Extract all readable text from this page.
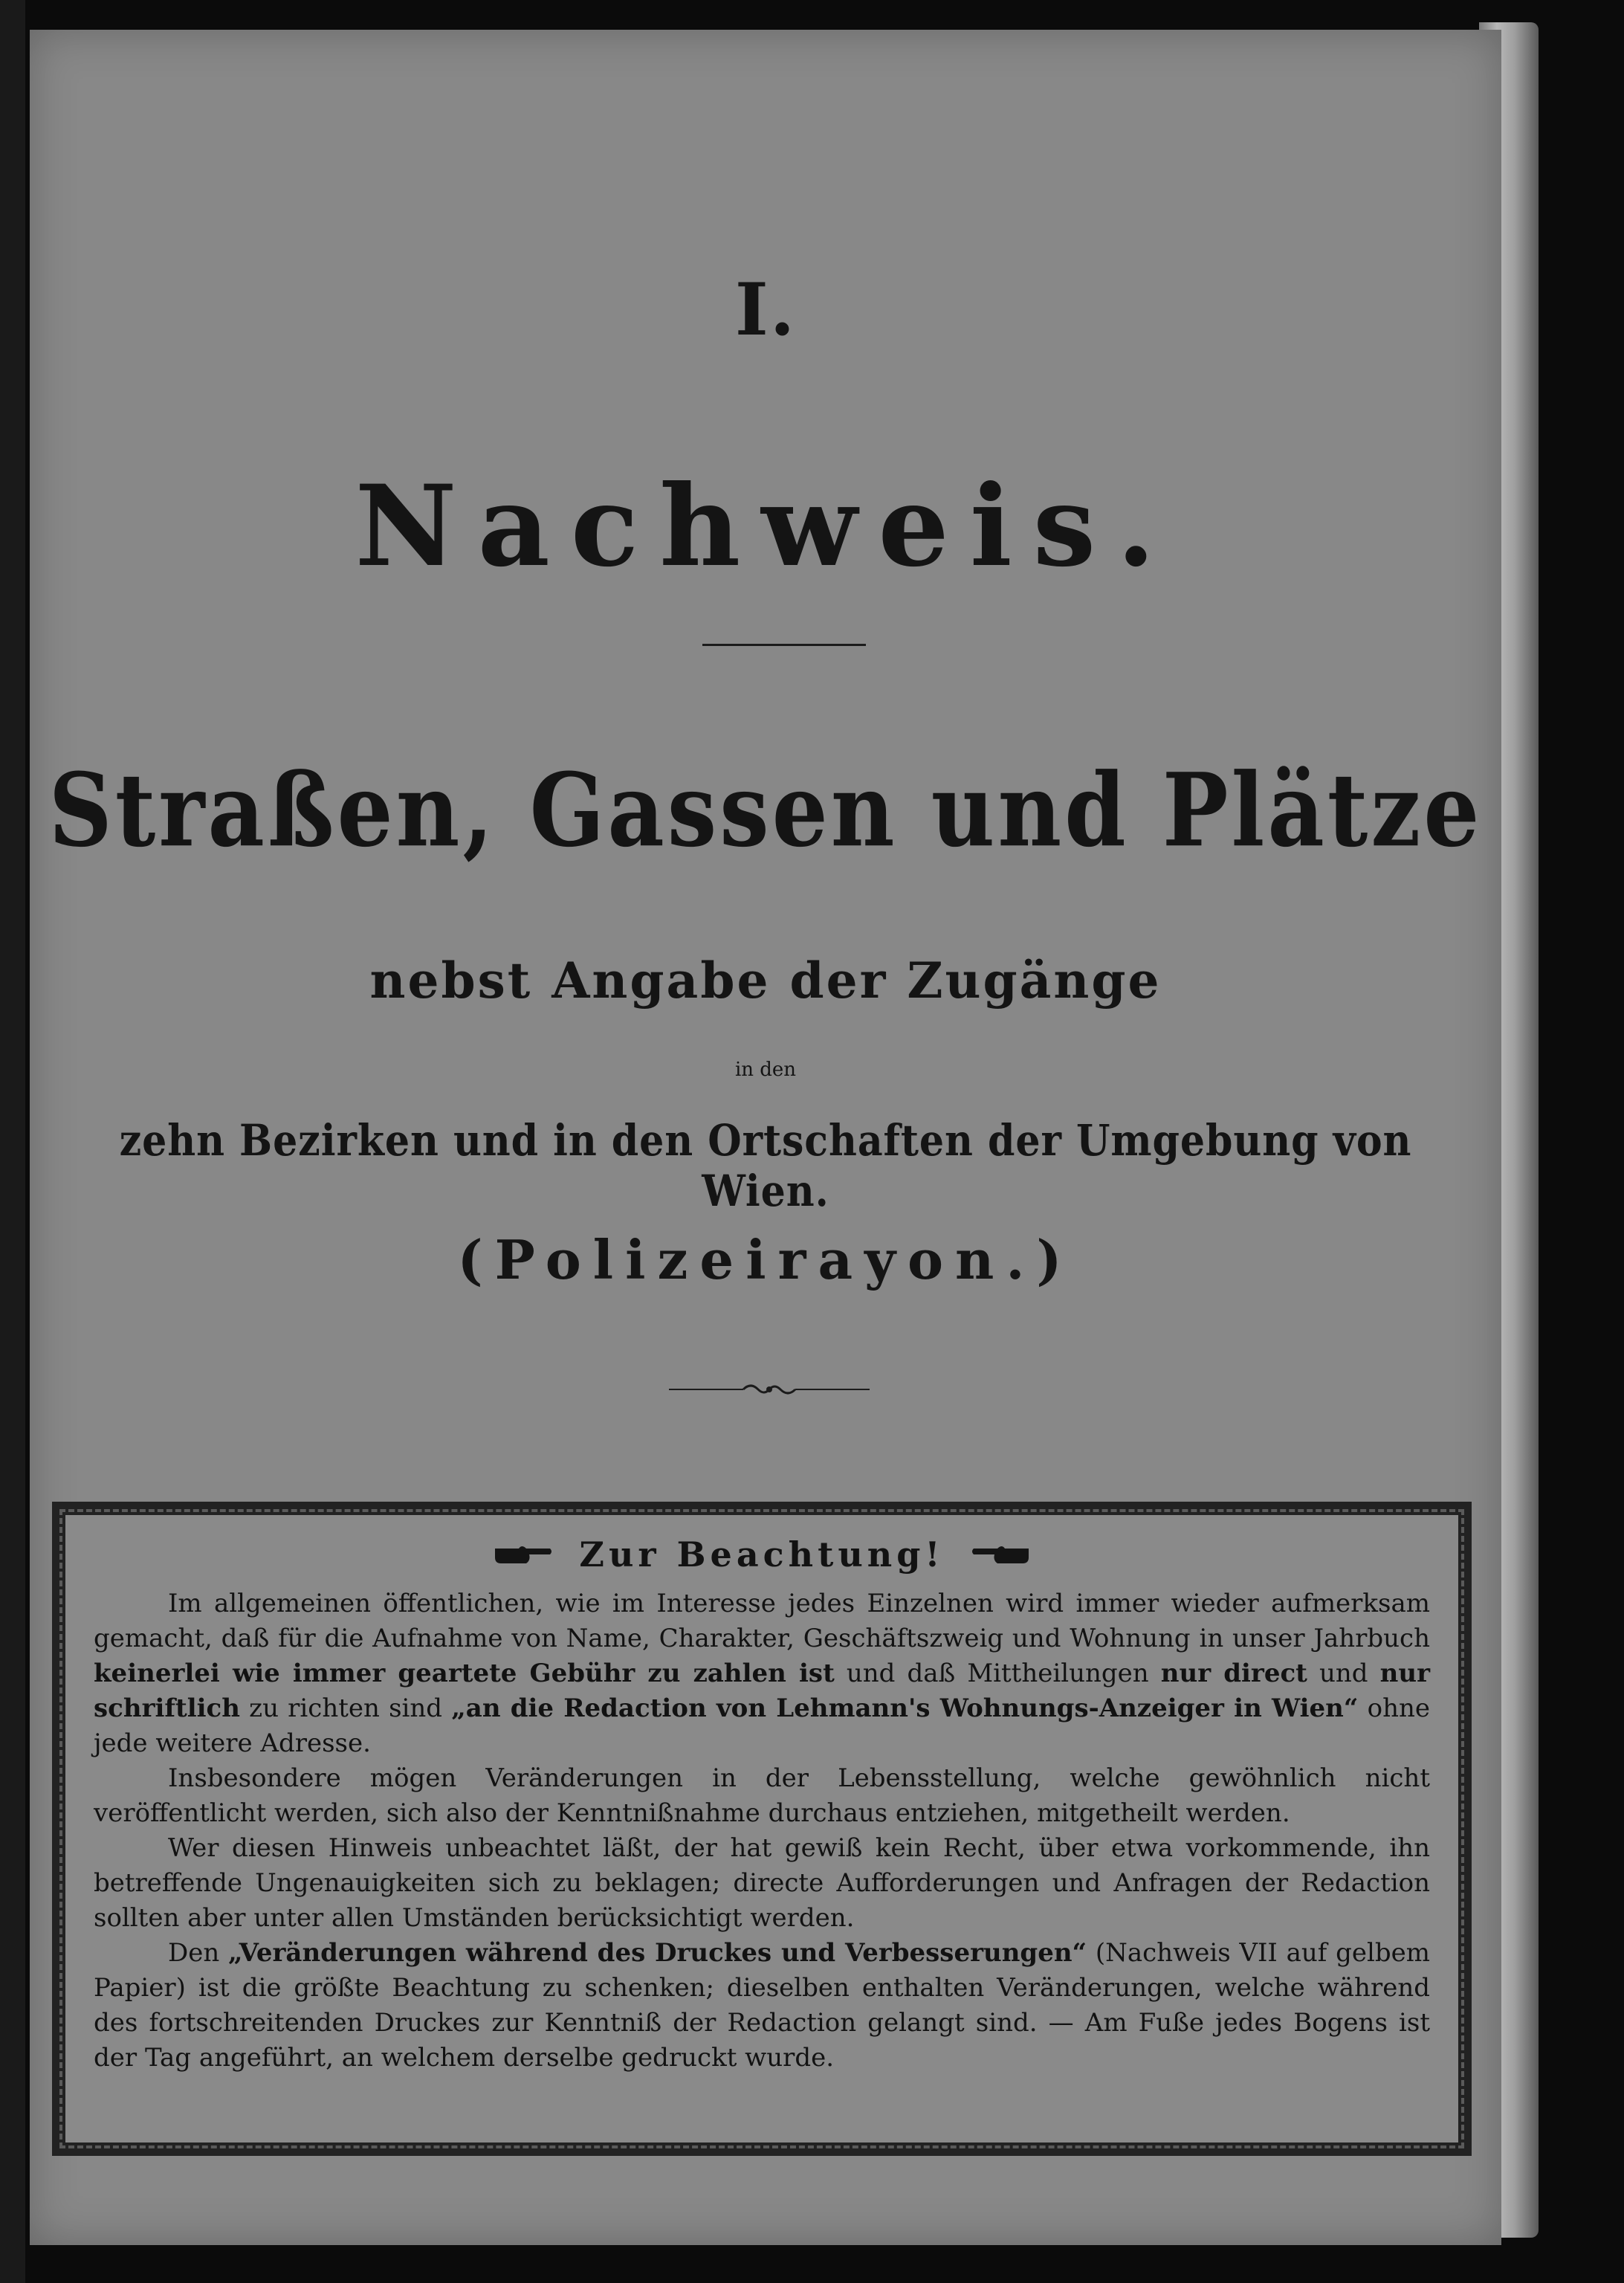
I.
Nachweis.
Straßen, Gassen und Plätze
nebst Angabe der Zugänge
in den
zehn Bezirken und in den Ortschaften der Umgebung von Wien.
(Polizeirayon.)
Zur Beachtung!

Im allgemeinen öffentlichen, wie im Interesse jedes Einzelnen wird immer wieder aufmerksam gemacht, daß für die Aufnahme von Name, Charakter, Geschäftszweig und Wohnung in unser Jahrbuch keinerlei wie immer geartete Gebühr zu zahlen ist und daß Mittheilungen nur direct und nur schriftlich zu richten sind „an die Redaction von Lehmann's Wohnungs-Anzeiger in Wien“ ohne jede weitere Adresse.

Insbesondere mögen Veränderungen in der Lebensstellung, welche gewöhnlich nicht veröffentlicht werden, sich also der Kenntnißnahme durchaus entziehen, mitgetheilt werden.

Wer diesen Hinweis unbeachtet läßt, der hat gewiß kein Recht, über etwa vorkommende, ihn betreffende Ungenauigkeiten sich zu beklagen; directe Aufforderungen und Anfragen der Redaction sollten aber unter allen Umständen berücksichtigt werden.

Den „Veränderungen während des Druckes und Verbesserungen“ (Nachweis VII auf gelbem Papier) ist die größte Beachtung zu schenken; dieselben enthalten Veränderungen, welche während des fortschreitenden Druckes zur Kenntniß der Redaction gelangt sind. — Am Fuße jedes Bogens ist der Tag angeführt, an welchem derselbe gedruckt wurde.
